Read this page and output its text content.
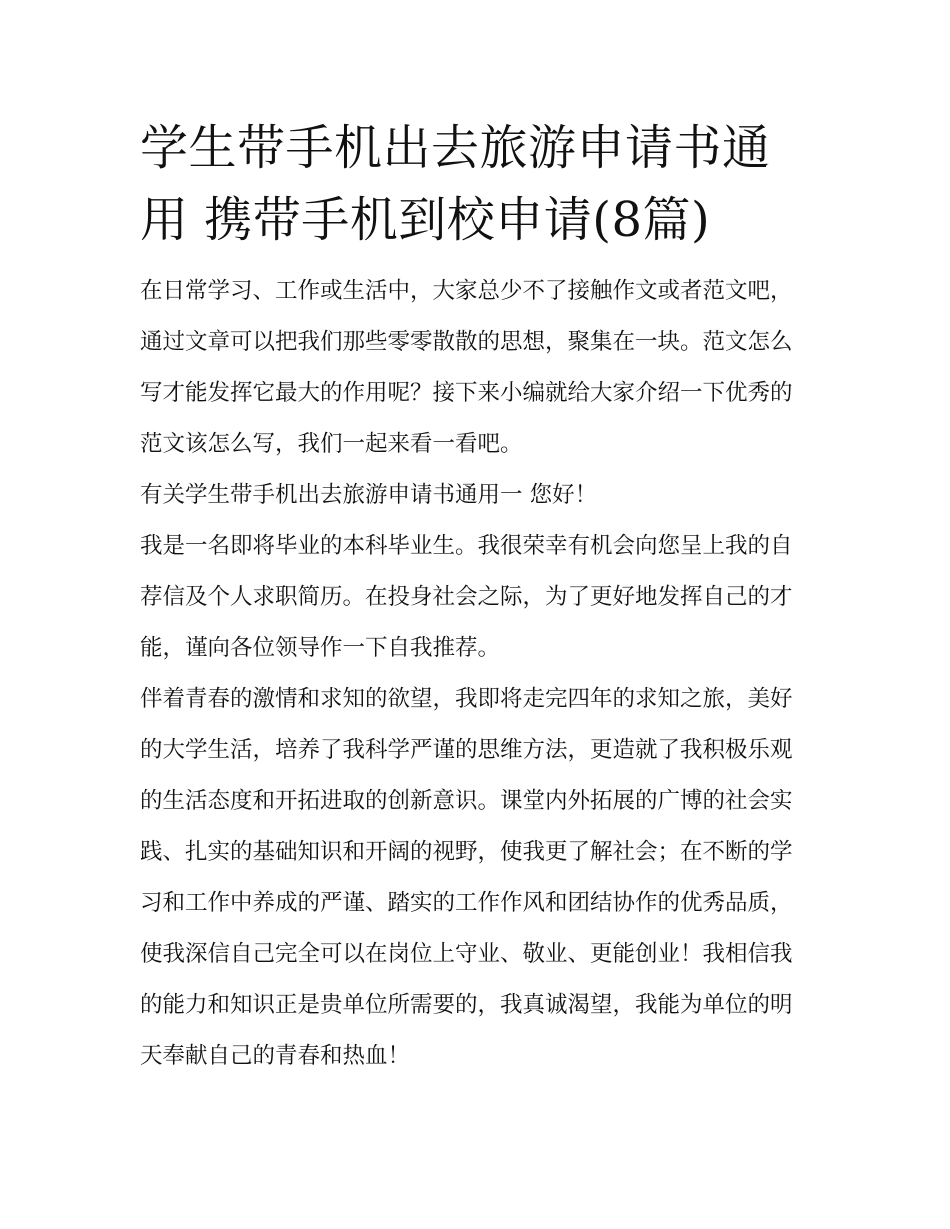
学生带手机出去旅游申请书通用 携带手机到校申请(8篇)

在日常学习、工作或生活中，大家总少不了接触作文或者范文吧，通过文章可以把我们那些零零散散的思想，聚集在一块。范文怎么写才能发挥它最大的作用呢？接下来小编就给大家介绍一下优秀的范文该怎么写，我们一起来看一看吧。

有关学生带手机出去旅游申请书通用一 您好！

我是一名即将毕业的本科毕业生。我很荣幸有机会向您呈上我的自荐信及个人求职简历。在投身社会之际，为了更好地发挥自己的才能，谨向各位领导作一下自我推荐。

伴着青春的激情和求知的欲望，我即将走完四年的求知之旅，美好的大学生活，培养了我科学严谨的思维方法，更造就了我积极乐观的生活态度和开拓进取的创新意识。课堂内外拓展的广博的社会实践、扎实的基础知识和开阔的视野，使我更了解社会；在不断的学习和工作中养成的严谨、踏实的工作作风和团结协作的优秀品质，使我深信自己完全可以在岗位上守业、敬业、更能创业！我相信我的能力和知识正是贵单位所需要的，我真诚渴望，我能为单位的明天奉献自己的青春和热血！
